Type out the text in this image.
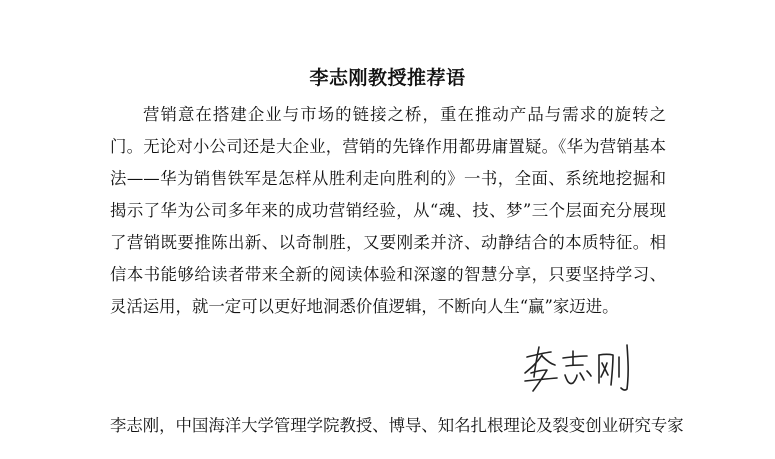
李志刚教授推荐语

营销意在搭建企业与市场的链接之桥，重在推动产品与需求的旋转之门。无论对小公司还是大企业，营销的先锋作用都毋庸置疑。《华为营销基本法——华为销售铁军是怎样从胜利走向胜利的》一书，全面、系统地挖掘和揭示了华为公司多年来的成功营销经验，从“魂、技、梦”三个层面充分展现了营销既要推陈出新、以奇制胜，又要刚柔并济、动静结合的本质特征。相信本书能够给读者带来全新的阅读体验和深邃的智慧分享，只要坚持学习、灵活运用，就一定可以更好地洞悉价值逻辑，不断向人生“赢”家迈进。

李志刚，中国海洋大学管理学院教授、博导、知名扎根理论及裂变创业研究专家
